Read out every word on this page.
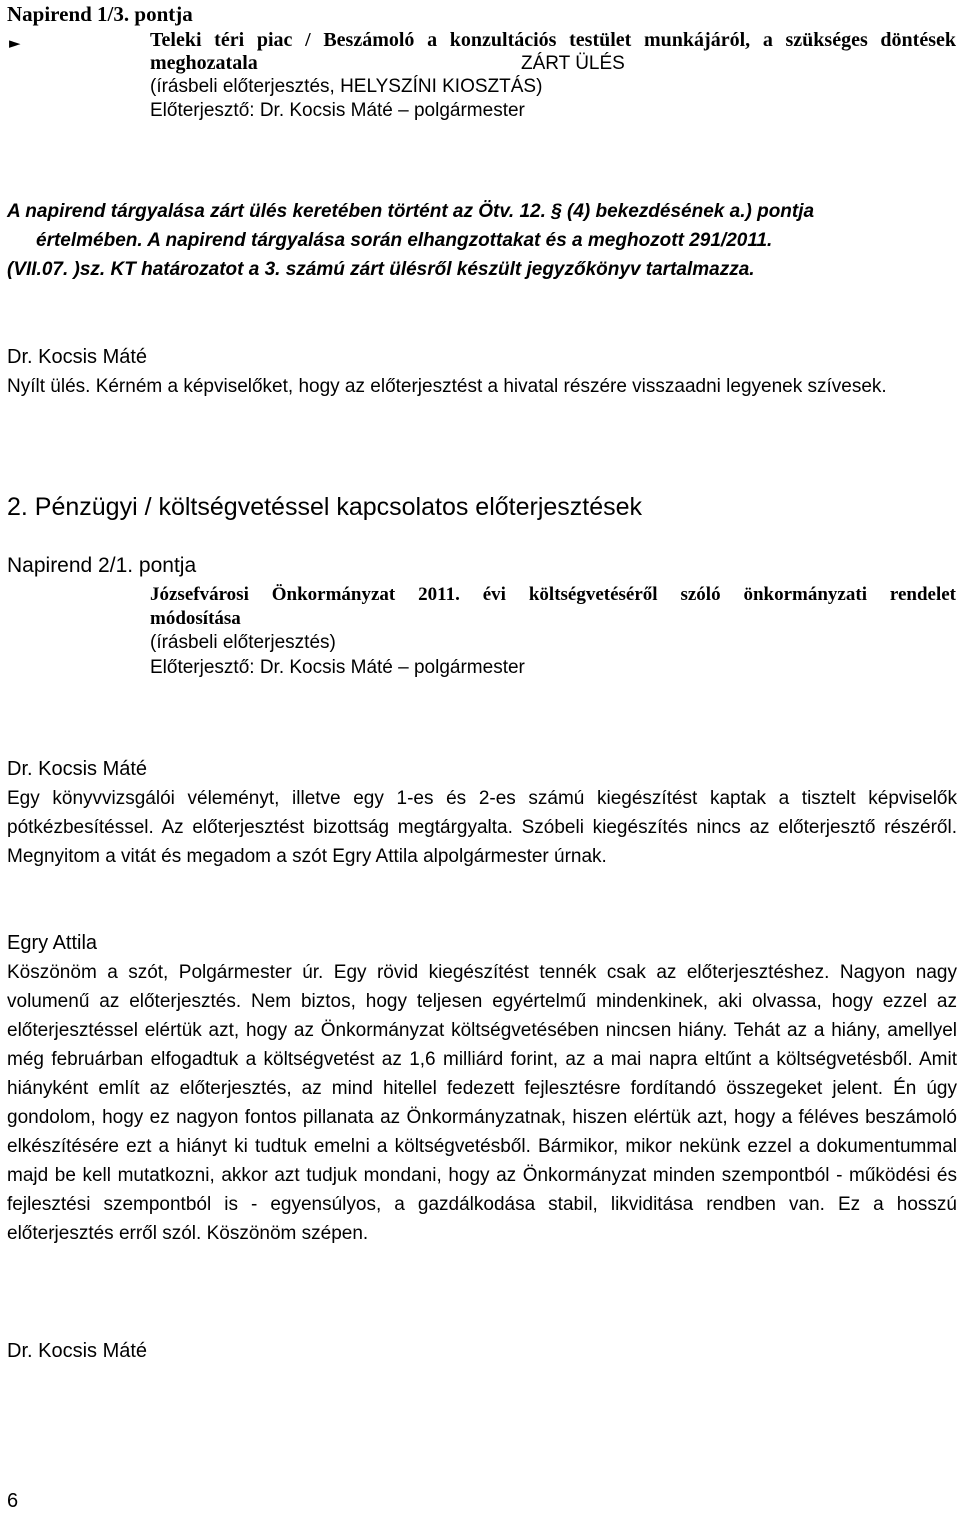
Napirend 1/3. pontja
►	Teleki téri piac / Beszámoló a konzultációs testület munkájáról, a szükséges döntések
meghozatala	ZÁRT ÜLÉS
(írásbeli előterjesztés, HELYSZÍNI KIOSZTÁS)
Előterjesztő: Dr. Kocsis Máté – polgármester
A napirend tárgyalása zárt ülés keretében történt az Ötv. 12. § (4) bekezdésének a.) pontja
értelmében. A napirend tárgyalása során elhangzottakat és a meghozott 291/2011.
(VII.07. )sz. KT határozatot a 3. számú zárt ülésről készült jegyzőkönyv tartalmazza.
Dr. Kocsis Máté
Nyílt ülés. Kérném a képviselőket, hogy az előterjesztést a hivatal részére visszaadni legyenek szívesek.
2. Pénzügyi / költségvetéssel kapcsolatos előterjesztések
Napirend 2/1. pontja
Józsefvárosi Önkormányzat 2011. évi költségvetéséről szóló önkormányzati rendelet
módosítása
(írásbeli előterjesztés)
Előterjesztő: Dr. Kocsis Máté – polgármester
Dr. Kocsis Máté
Egy könyvvizsgálói véleményt, illetve egy 1-es és 2-es számú kiegészítést kaptak a tisztelt képviselők pótkézbesítéssel. Az előterjesztést bizottság megtárgyalta. Szóbeli kiegészítés nincs az előterjesztő részéről. Megnyitom a vitát és megadom a szót Egry Attila alpolgármester úrnak.
Egry Attila
Köszönöm a szót, Polgármester úr. Egy rövid kiegészítést tennék csak az előterjesztéshez. Nagyon nagy volumenű az előterjesztés. Nem biztos, hogy teljesen egyértelmű mindenkinek, aki olvassa, hogy ezzel az előterjesztéssel elértük azt, hogy az Önkormányzat költségvetésében nincsen hiány. Tehát az a hiány, amellyel még februárban elfogadtuk a költségvetést az 1,6 milliárd forint, az a mai napra eltűnt a költségvetésből. Amit hiányként említ az előterjesztés, az mind hitellel fedezett fejlesztésre fordítandó összegeket jelent. Én úgy gondolom, hogy ez nagyon fontos pillanata az Önkormányzatnak, hiszen elértük azt, hogy a féléves beszámoló elkészítésére ezt a hiányt ki tudtuk emelni a költségvetésből. Bármikor, mikor nekünk ezzel a dokumentummal majd be kell mutatkozni, akkor azt tudjuk mondani, hogy az Önkormányzat minden szempontból - működési és fejlesztési szempontból is - egyensúlyos, a gazdálkodása stabil, likviditása rendben van. Ez a hosszú előterjesztés erről szól. Köszönöm szépen.
Dr. Kocsis Máté
6
